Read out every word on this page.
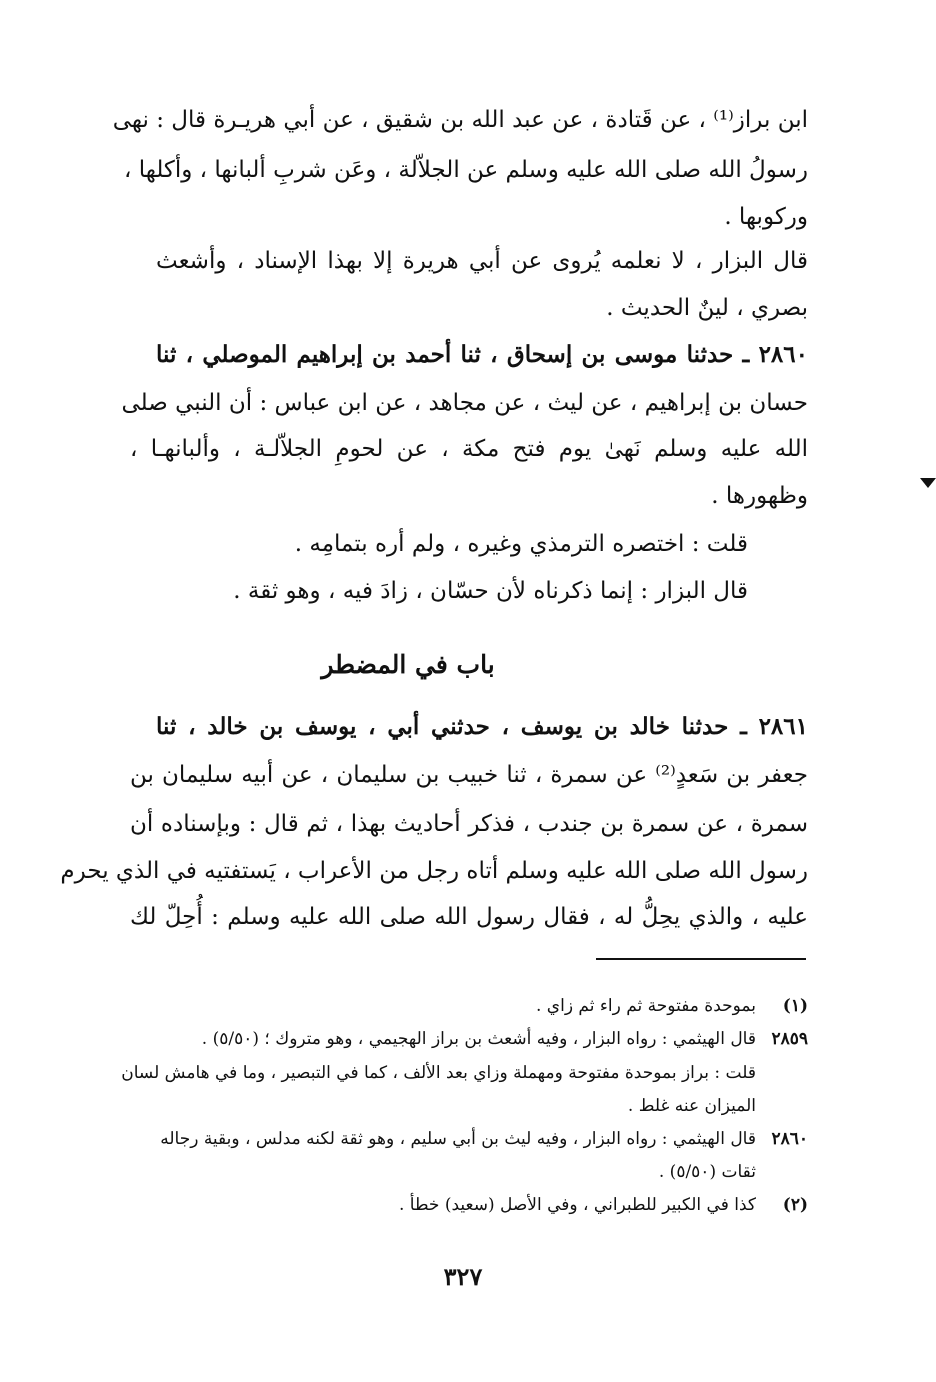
ابن براز⁽¹⁾ ، عن قَتادة ، عن عبد الله بن شقيق ، عن أبي هريـرة قال : نهى
رسولُ الله صلى الله عليه وسلم عن الجلاّلة ، وعَن شربِ ألبانها ، وأكلها ،
وركوبها .
قال البزار ، لا نعلمه يُروى عن أبي هريرة إلا بهذا الإسناد ، وأشعث
بصري ، لينٌ الحديث .
٢٨٦٠ ـ حدثنا موسى بن إسحاق ، ثنا أحمد بن إبراهيم الموصلي ، ثنا
حسان بن إبراهيم ، عن ليث ، عن مجاهد ، عن ابن عباس : أن النبي صلى
الله عليه وسلم نَهىٰ يوم فتح مكة ، عن لحومِ الجلاّلـة ، وألبانهـا ،
وظهورها .
قلت : اختصره الترمذي وغيره ، ولم أره بتمامِه .
قال البزار : إنما ذكرناه لأن حسّان ، زادَ فيه ، وهو ثقة .
باب في المضطر
٢٨٦١ ـ حدثنا خالد بن يوسف ، حدثني أبي ، يوسف بن خالد ، ثنا
جعفر بن سَعدٍ⁽²⁾ عن سمرة ، ثنا خبيب بن سليمان ، عن أبيه سليمان بن
سمرة ، عن سمرة بن جندب ، فذكر أحاديث بهذا ، ثم قال : وبإسناده أن
رسول الله صلى الله عليه وسلم أتاه رجل من الأعراب ، يَستفتيه في الذي يحرم
عليه ، والذي يحِلُّ له ، فقال رسول الله صلى الله عليه وسلم : أُحِلّ لك
(١)
بموحدة مفتوحة ثم راء ثم زاي .
٢٨٥٩
قال الهيثمي : رواه البزار ، وفيه أشعث بن براز الهجيمي ، وهو متروك ؛ (٥/٥٠) .
قلت : براز بموحدة مفتوحة ومهملة وزاي بعد الألف ، كما في التبصير ، وما في هامش لسان
الميزان عنه غلط .
٢٨٦٠
قال الهيثمي : رواه البزار ، وفيه ليث بن أبي سليم ، وهو ثقة لكنه مدلس ، وبقية رجاله
ثقات (٥/٥٠) .
(٢)
كذا في الكبير للطبراني ، وفي الأصل (سعيد) خطأ .
٣٢٧
